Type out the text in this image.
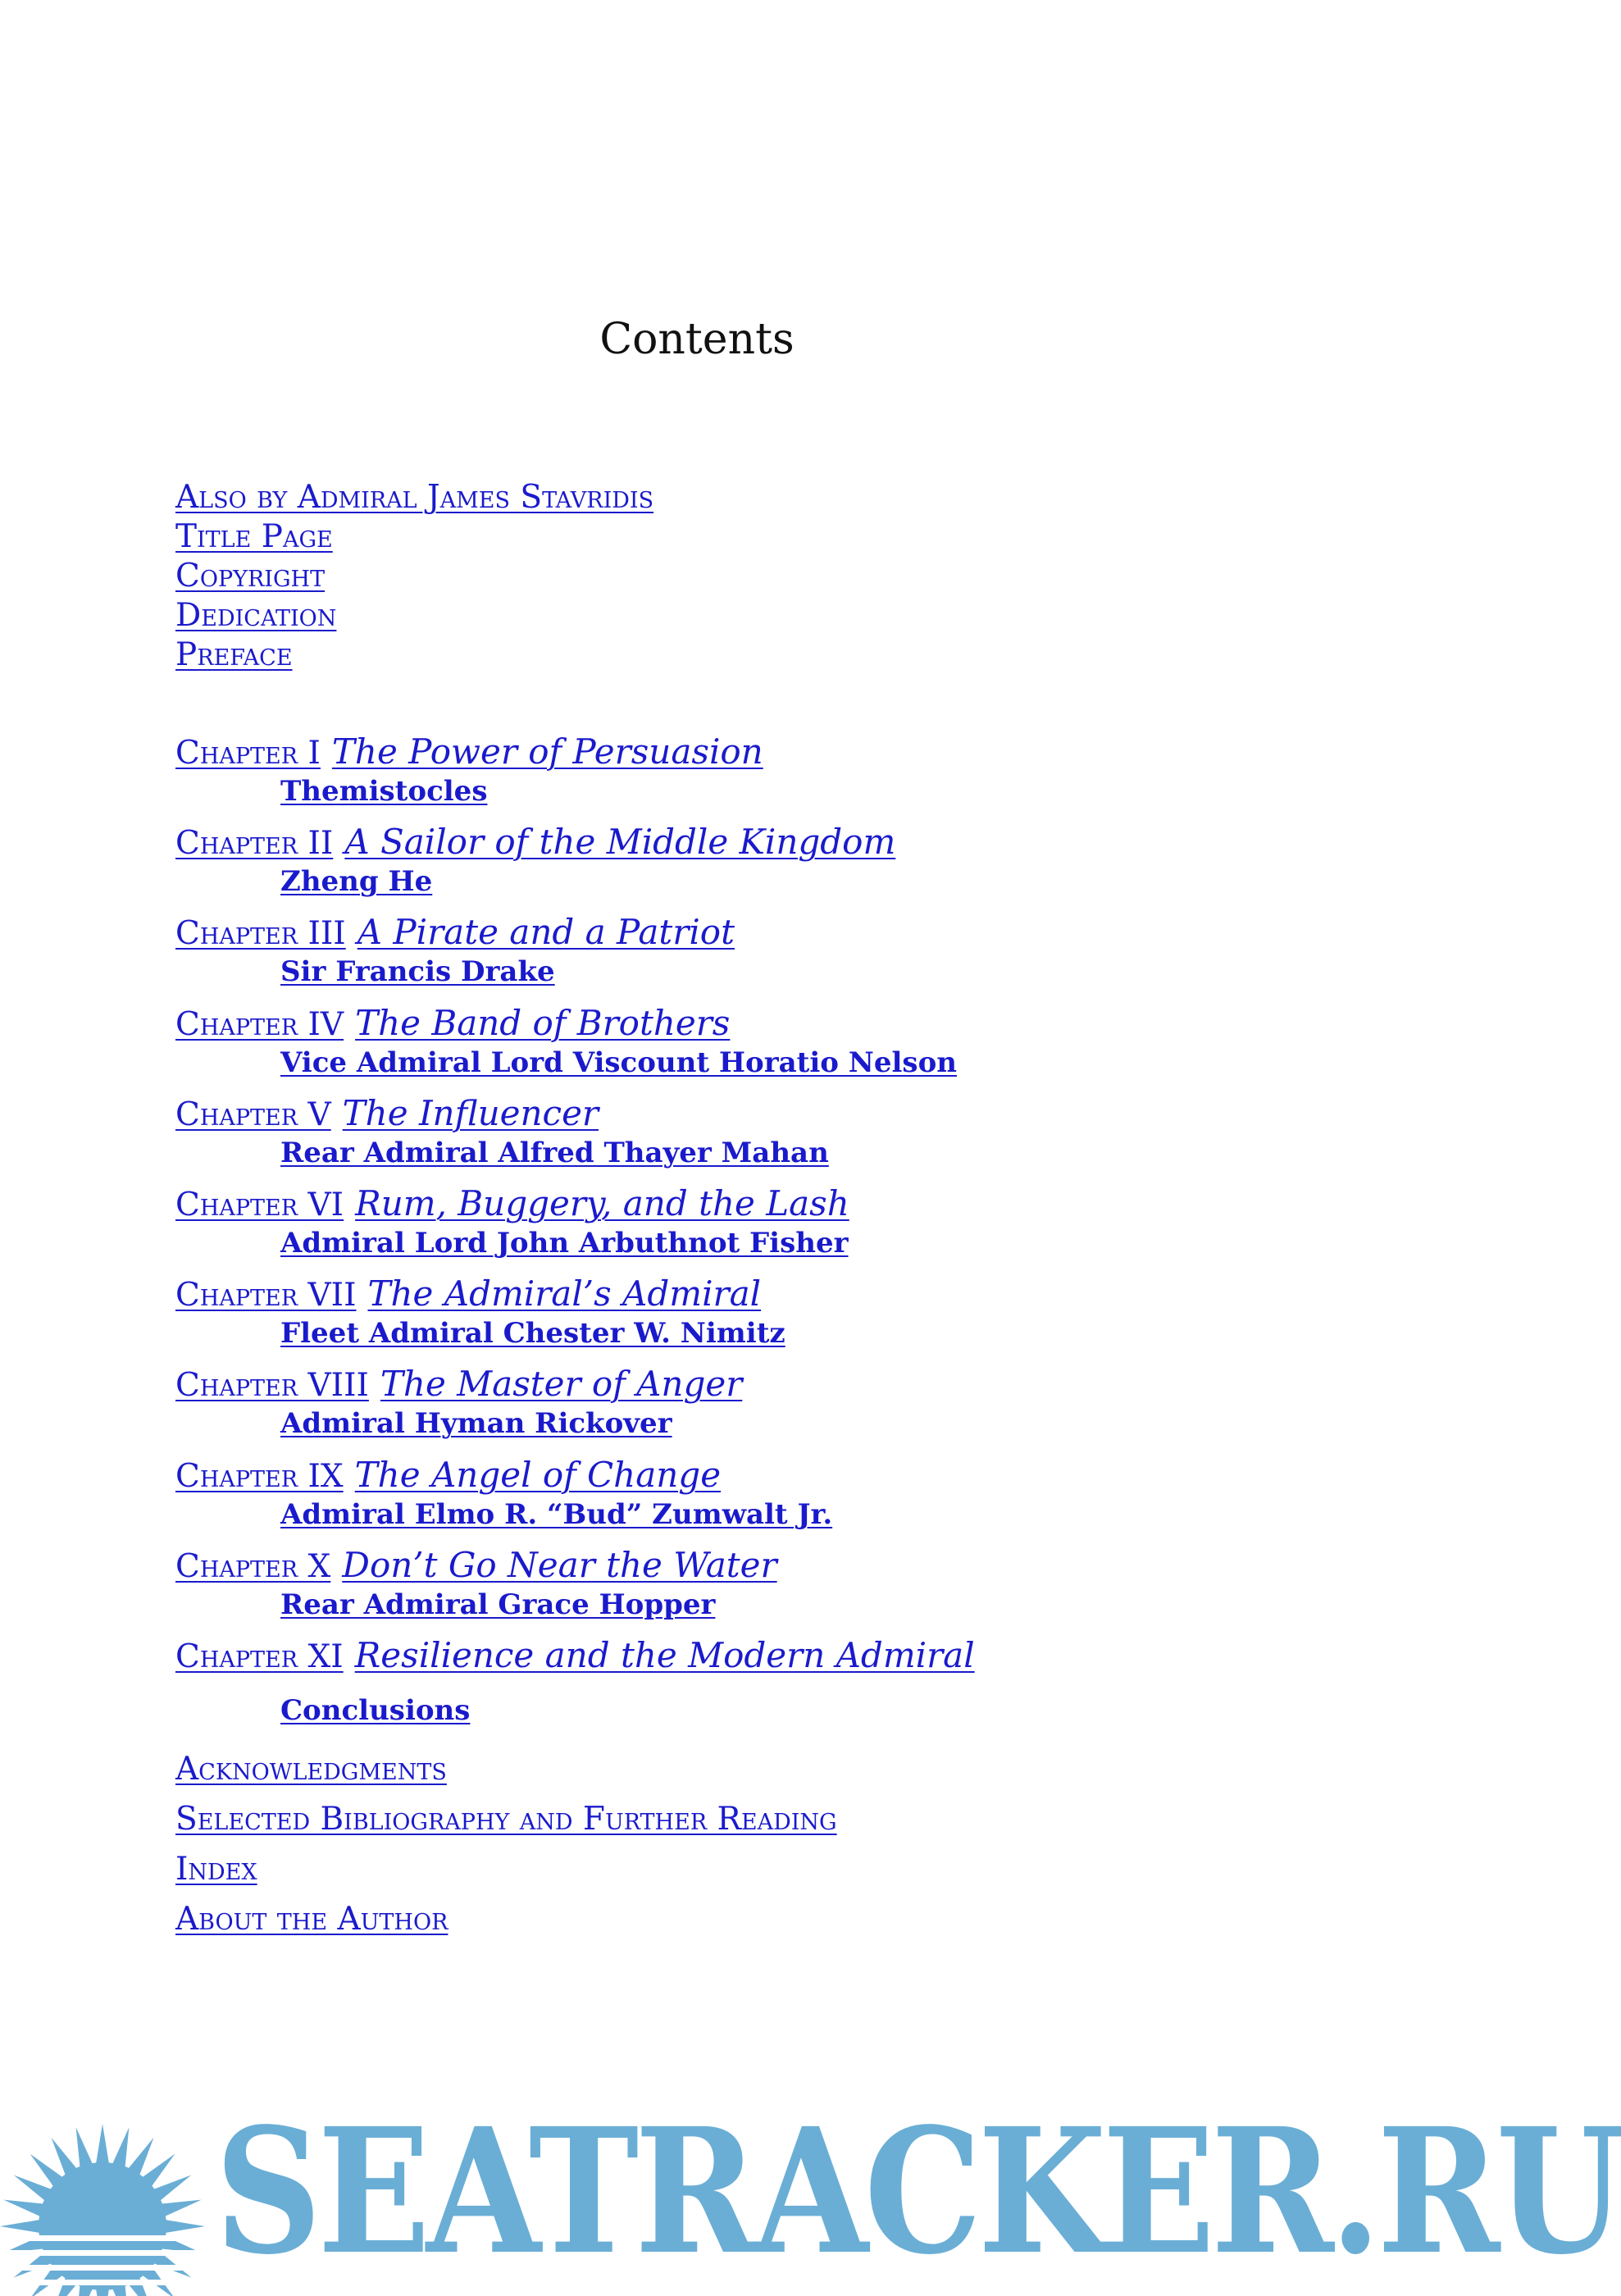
Contents
Also by Admiral James Stavridis
Title Page
Copyright
Dedication
Preface
Chapter I The Power of Persuasion
Themistocles
Chapter II A Sailor of the Middle Kingdom
Zheng He
Chapter III A Pirate and a Patriot
Sir Francis Drake
Chapter IV The Band of Brothers
Vice Admiral Lord Viscount Horatio Nelson
Chapter V The Influencer
Rear Admiral Alfred Thayer Mahan
Chapter VI Rum, Buggery, and the Lash
Admiral Lord John Arbuthnot Fisher
Chapter VII The Admiral’s Admiral
Fleet Admiral Chester W. Nimitz
Chapter VIII The Master of Anger
Admiral Hyman Rickover
Chapter IX The Angel of Change
Admiral Elmo R. “Bud” Zumwalt Jr.
Chapter X Don’t Go Near the Water
Rear Admiral Grace Hopper
Chapter XI Resilience and the Modern Admiral
Conclusions
Acknowledgments
Selected Bibliography and Further Reading
Index
About the Author
SEATRACKER.RU
